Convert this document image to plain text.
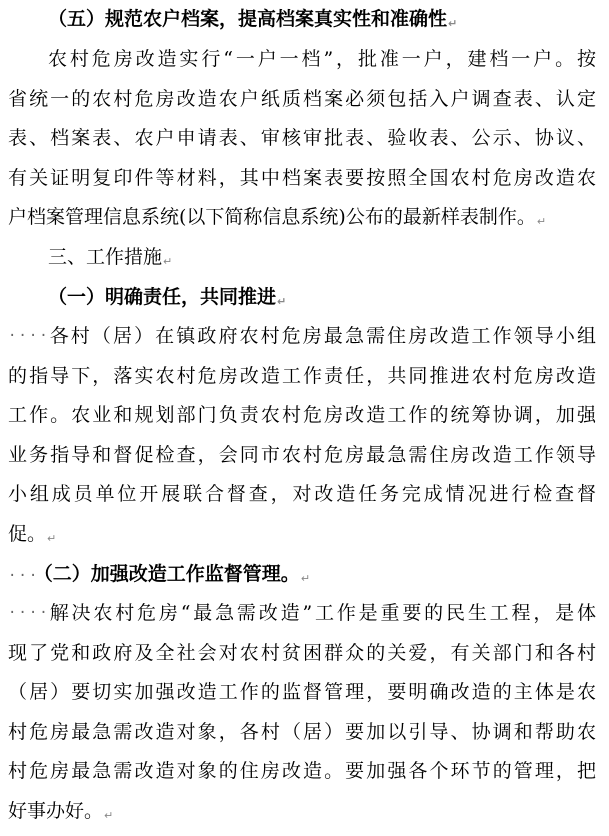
（五）规范农户档案，提高档案真实性和准确性↵
农村危房改造实行“一户一档”，批准一户，建档一户。按
省统一的农村危房改造农户纸质档案必须包括入户调查表、认定
表、档案表、农户申请表、审核审批表、验收表、公示、协议、
有关证明复印件等材料，其中档案表要按照全国农村危房改造农
户档案管理信息系统(以下简称信息系统)公布的最新样表制作。↵
三、工作措施↵
（一）明确责任，共同推进↵
···· 各村（居）在镇政府农村危房最急需住房改造工作领导小组
的指导下，落实农村危房改造工作责任，共同推进农村危房改造
工作。农业和规划部门负责农村危房改造工作的统筹协调，加强
业务指导和督促检查，会同市农村危房最急需住房改造工作领导
小组成员单位开展联合督查，对改造任务完成情况进行检查督
促。↵
··· （二）加强改造工作监督管理。↵
···· 解决农村危房“最急需改造”工作是重要的民生工程，是体
现了党和政府及全社会对农村贫困群众的关爱，有关部门和各村
（居）要切实加强改造工作的监督管理，要明确改造的主体是农
村危房最急需改造对象，各村（居）要加以引导、协调和帮助农
村危房最急需改造对象的住房改造。要加强各个环节的管理，把
好事办好。↵
